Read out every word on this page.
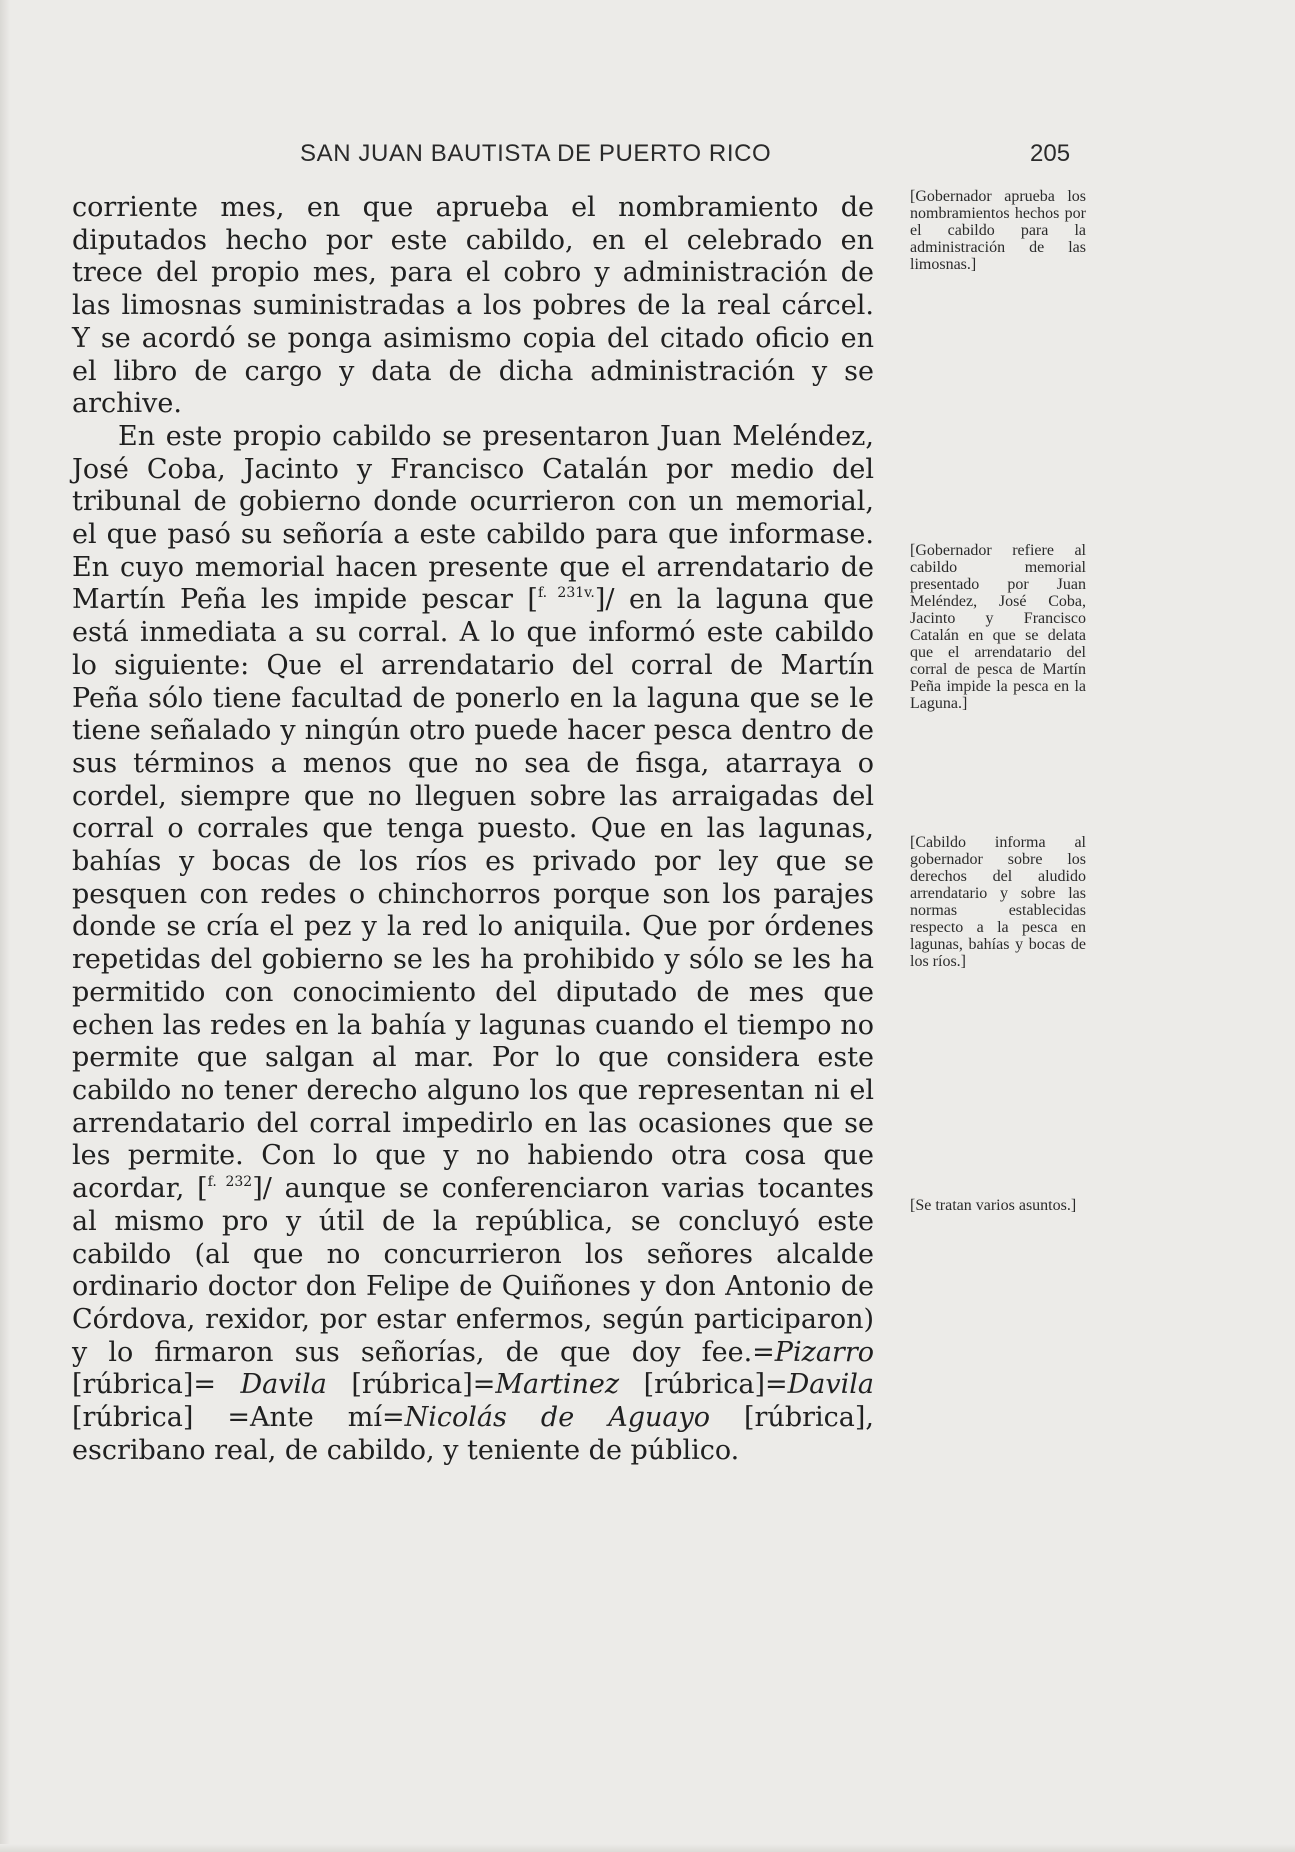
SAN JUAN BAUTISTA DE PUERTO RICO	205

corriente mes, en que aprueba el nombramiento de diputados hecho por este cabildo, en el celebrado en trece del propio mes, para el cobro y administración de las limosnas suministradas a los pobres de la real cárcel. Y se acordó se ponga asimismo copia del citado oficio en el libro de cargo y data de dicha administración y se archive.

En este propio cabildo se presentaron Juan Meléndez, José Coba, Jacinto y Francisco Catalán por medio del tribunal de gobierno donde ocurrieron con un memorial, el que pasó su señoría a este cabildo para que informase. En cuyo memorial hacen presente que el arrendatario de Martín Peña les impide pescar [$^{f. 231v.}$]/ en la laguna que está inmediata a su corral. A lo que informó este cabildo lo siguiente: Que el arrendatario del corral de Martín Peña sólo tiene facultad de ponerlo en la laguna que se le tiene señalado y ningún otro puede hacer pesca dentro de sus términos a menos que no sea de fisga, atarraya o cordel, siempre que no lleguen sobre las arraigadas del corral o corrales que tenga puesto. Que en las lagunas, bahías y bocas de los ríos es privado por ley que se pesquen con redes o chinchorros porque son los parajes donde se cría el pez y la red lo aniquila. Que por órdenes repetidas del gobierno se les ha prohibido y sólo se les ha permitido con conocimiento del diputado de mes que echen las redes en la bahía y lagunas cuando el tiempo no permite que salgan al mar. Por lo que considera este cabildo no tener derecho alguno los que representan ni el arrendatario del corral impedirlo en las ocasiones que se les permite. Con lo que y no habiendo otra cosa que acordar, [$^{f. 232}$]/ aunque se conferenciaron varias tocantes al mismo pro y útil de la república, se concluyó este cabildo (al que no concurrieron los señores alcalde ordinario doctor don Felipe de Quiñones y don Antonio de Córdova, rexidor, por estar enfermos, según participaron) y lo firmaron sus señorías, de que doy fee.=Pizarro [rúbrica]= Davila [rúbrica]=Martinez [rúbrica]=Davila [rúbrica] =Ante mí=Nicolás de Aguayo [rúbrica], escribano real, de cabildo, y teniente de público.

[Gobernador aprueba los nombramientos hechos por el cabildo para la administración de las limosnas.]
[Gobernador refiere al cabildo memorial presentado por Juan Meléndez, José Coba, Jacinto y Francisco Catalán en que se delata que el arrendatario del corral de pesca de Martín Peña impide la pesca en la Laguna.]
[Cabildo informa al gobernador sobre los derechos del aludido arrendatario y sobre las normas establecidas respecto a la pesca en lagunas, bahías y bocas de los ríos.]
[Se tratan varios asuntos.]
